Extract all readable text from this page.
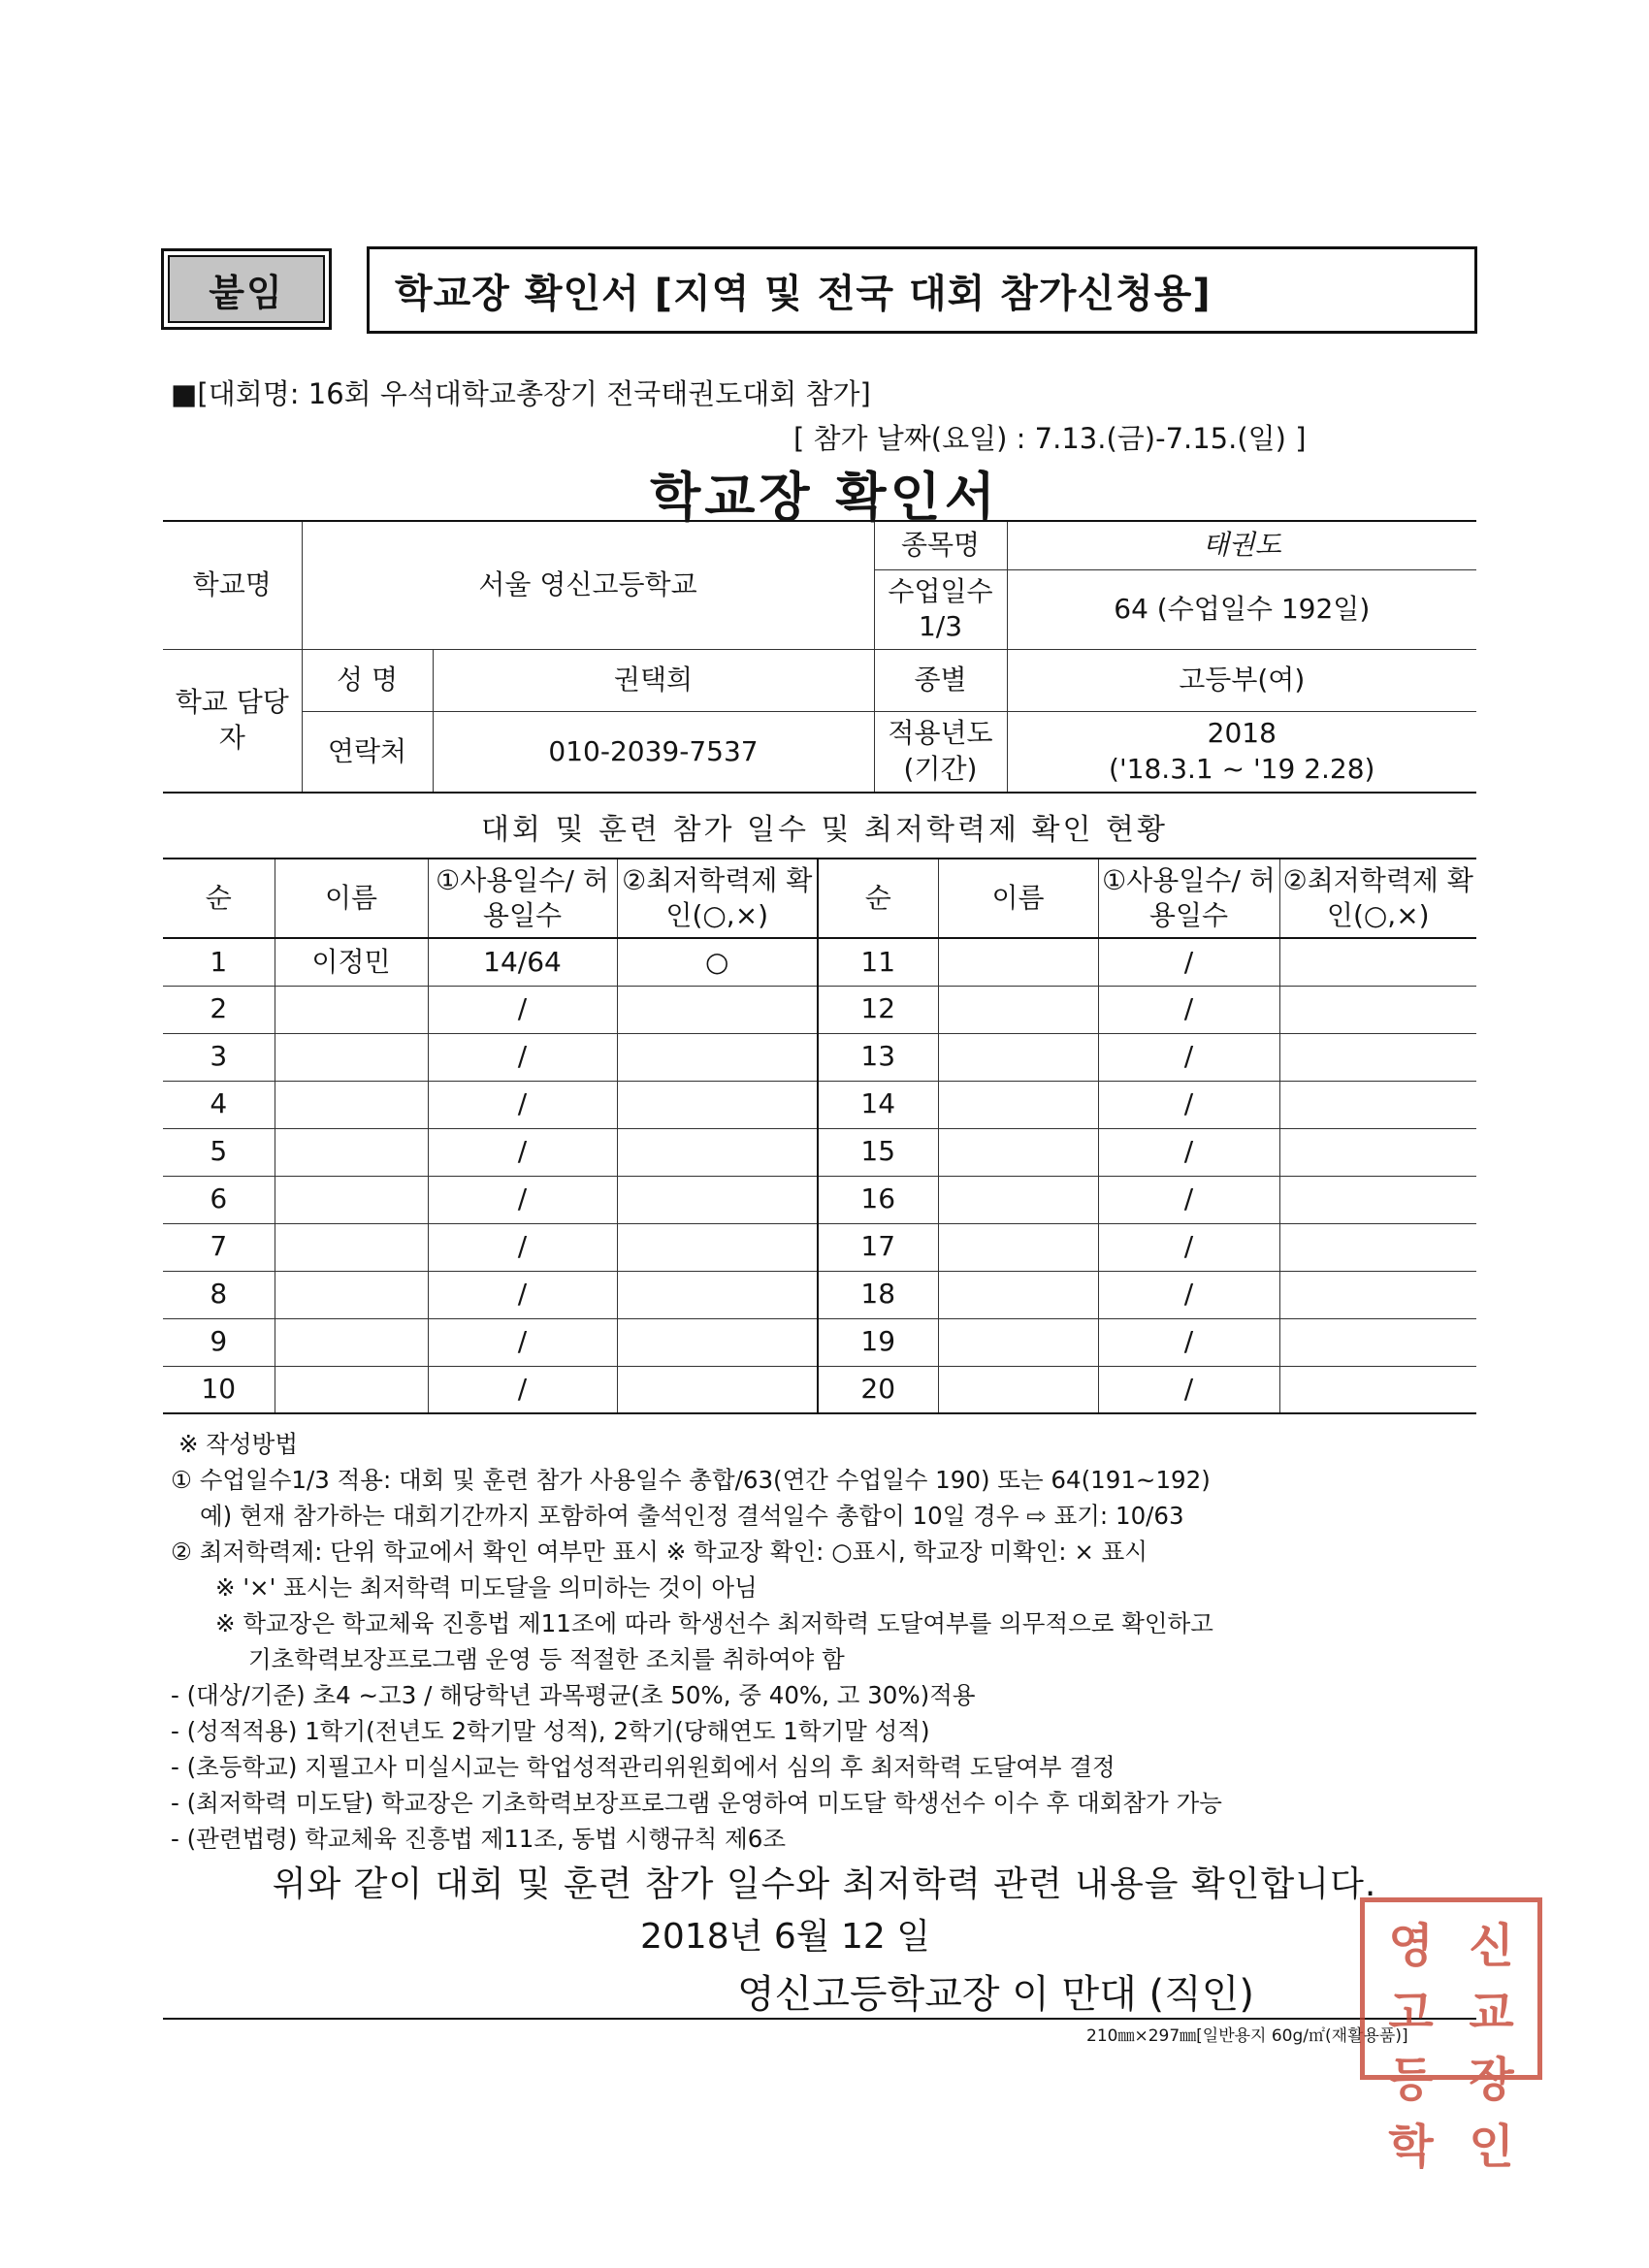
붙임	학교장 확인서 [지역 및 전국 대회 참가신청용]
■[대회명: 16회 우석대학교총장기 전국태권도대회 참가]
[ 참가 날짜(요일) : 7.13.(금)-7.15.(일) ]
학교장 확인서
학교명	서울 영신고등학교		종목명	태권도
			수업일수 1/3	64 (수업일수 192일)
학교 담당자	성 명	권택희	종별	고등부(여)
	연락처	010-2039-7537	적용년도 (기간)	2018
('18.3.1 ~ '19 2.28)
대회 및 훈련 참가 일수 및 최저학력제 확인 현황
순	이름	①사용일수/ 허용일수	②최저학력제 확인(○,×)	순	이름	①사용일수/ 허용일수	②최저학력제 확인(○,×)
1	이정민	14/64	○	11		/	
2		/		12		/	
3		/		13		/	
4		/		14		/	
5		/		15		/	
6		/		16		/	
7		/		17		/	
8		/		18		/	
9		/		19		/	
10		/		20		/	
※ 작성방법
① 수업일수1/3 적용: 대회 및 훈련 참가 사용일수 총합/63(연간 수업일수 190) 또는 64(191~192)
예) 현재 참가하는 대회기간까지 포함하여 출석인정 결석일수 총합이 10일 경우 ⇨ 표기: 10/63
② 최저학력제: 단위 학교에서 확인 여부만 표시 ※ 학교장 확인: ○표시, 학교장 미확인: × 표시
※ '×' 표시는 최저학력 미도달을 의미하는 것이 아님
※ 학교장은 학교체육 진흥법 제11조에 따라 학생선수 최저학력 도달여부를 의무적으로 확인하고
기초학력보장프로그램 운영 등 적절한 조치를 취하여야 함
- (대상/기준) 초4 ~고3 / 해당학년 과목평균(초 50%, 중 40%, 고 30%)적용
- (성적적용) 1학기(전년도 2학기말 성적), 2학기(당해연도 1학기말 성적)
- (초등학교) 지필고사 미실시교는 학업성적관리위원회에서 심의 후 최저학력 도달여부 결정
- (최저학력 미도달) 학교장은 기초학력보장프로그램 운영하여 미도달 학생선수 이수 후 대회참가 가능
- (관련법령) 학교체육 진흥법 제11조, 동법 시행규칙 제6조
위와 같이 대회 및 훈련 참가 일수와 최저학력 관련 내용을 확인합니다.
2018년 6월 12 일
영신고등학교장 이 만대 (직인)
210㎜×297㎜[일반용지 60g/㎡(재활용품)]
영 신
고 교
등 장
학 인
